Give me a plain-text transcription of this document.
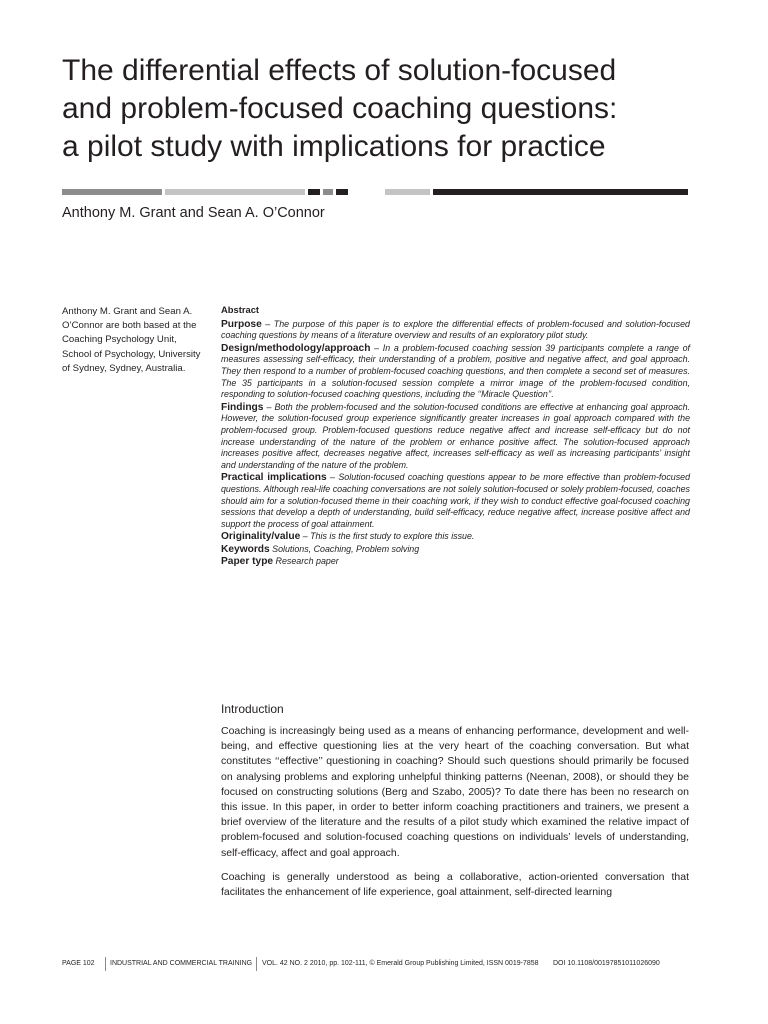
The differential effects of solution-focused
and problem-focused coaching questions:
a pilot study with implications for practice
Anthony M. Grant and Sean A. O’Connor
Anthony M. Grant and Sean A. O’Connor are both based at the Coaching Psychology Unit, School of Psychology, University of Sydney, Sydney, Australia.
Abstract

Purpose – The purpose of this paper is to explore the differential effects of problem-focused and solution-focused coaching questions by means of a literature overview and results of an exploratory pilot study.

Design/methodology/approach – In a problem-focused coaching session 39 participants complete a range of measures assessing self-efficacy, their understanding of a problem, positive and negative affect, and goal approach. They then respond to a number of problem-focused coaching questions, and then complete a second set of measures. The 35 participants in a solution-focused session complete a mirror image of the problem-focused condition, responding to solution-focused coaching questions, including the ‘‘Miracle Question’’.

Findings – Both the problem-focused and the solution-focused conditions are effective at enhancing goal approach. However, the solution-focused group experience significantly greater increases in goal approach compared with the problem-focused group. Problem-focused questions reduce negative affect and increase self-efficacy but do not increase understanding of the nature of the problem or enhance positive affect. The solution-focused approach increases positive affect, decreases negative affect, increases self-efficacy as well as increasing participants’ insight and understanding of the nature of the problem.

Practical implications – Solution-focused coaching questions appear to be more effective than problem-focused questions. Although real-life coaching conversations are not solely solution-focused or solely problem-focused, coaches should aim for a solution-focused theme in their coaching work, if they wish to conduct effective goal-focused coaching sessions that develop a depth of understanding, build self-efficacy, reduce negative affect, increase positive affect and support the process of goal attainment.

Originality/value – This is the first study to explore this issue.

Keywords Solutions, Coaching, Problem solving

Paper type Research paper

Introduction

Coaching is increasingly being used as a means of enhancing performance, development and well-being, and effective questioning lies at the very heart of the coaching conversation. But what constitutes ‘‘effective’’ questioning in coaching? Should such questions should primarily be focused on analysing problems and exploring unhelpful thinking patterns (Neenan, 2008), or should they be focused on constructing solutions (Berg and Szabo, 2005)? To date there has been no research on this issue. In this paper, in order to better inform coaching practitioners and trainers, we present a brief overview of the literature and the results of a pilot study which examined the relative impact of problem-focused and solution-focused coaching questions on individuals’ levels of understanding, self-efficacy, affect and goal approach.

Coaching is generally understood as being a collaborative, action-oriented conversation that facilitates the enhancement of life experience, goal attainment, self-directed learning

PAGE 102 INDUSTRIAL AND COMMERCIAL TRAINING VOL. 42 NO. 2 2010, pp. 102-111, © Emerald Group Publishing Limited, ISSN 0019-7858 DOI 10.1108/00197851011026090
